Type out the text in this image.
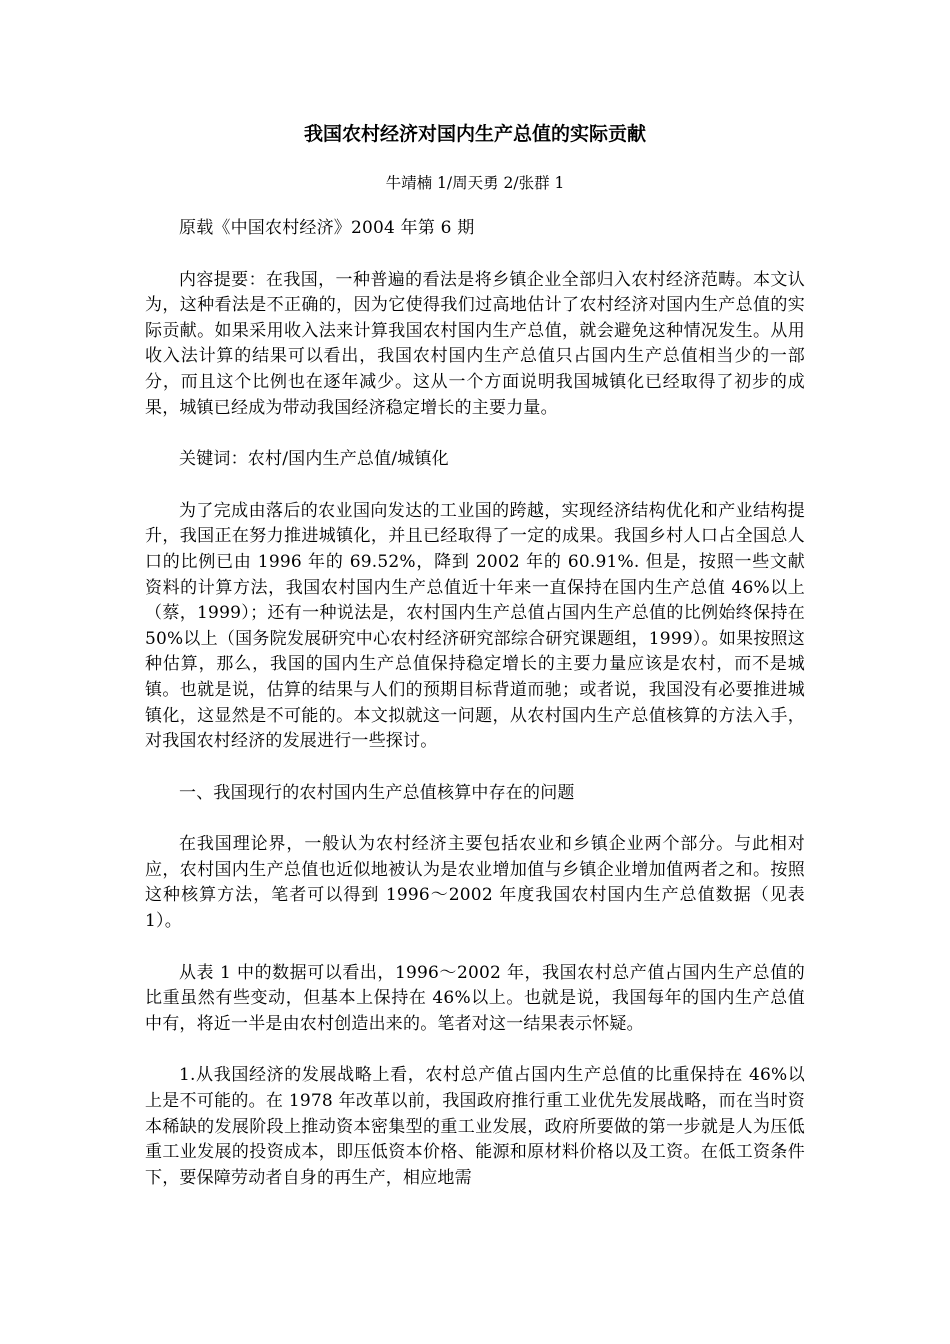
我国农村经济对国内生产总值的实际贡献
牛靖楠 1/周天勇 2/张群 1

原载《中国农村经济》2004 年第 6 期

内容提要：在我国，一种普遍的看法是将乡镇企业全部归入农村经济范畴。本文认为，这种看法是不正确的，因为它使得我们过高地估计了农村经济对国内生产总值的实际贡献。如果采用收入法来计算我国农村国内生产总值，就会避免这种情况发生。从用收入法计算的结果可以看出，我国农村国内生产总值只占国内生产总值相当少的一部分，而且这个比例也在逐年减少。这从一个方面说明我国城镇化已经取得了初步的成果，城镇已经成为带动我国经济稳定增长的主要力量。

关键词：农村/国内生产总值/城镇化

为了完成由落后的农业国向发达的工业国的跨越，实现经济结构优化和产业结构提升，我国正在努力推进城镇化，并且已经取得了一定的成果。我国乡村人口占全国总人口的比例已由 1996 年的 69.52%，降到 2002 年的 60.91%. 但是，按照一些文献资料的计算方法，我国农村国内生产总值近十年来一直保持在国内生产总值 46%以上（蔡，1999）；还有一种说法是，农村国内生产总值占国内生产总值的比例始终保持在 50%以上（国务院发展研究中心农村经济研究部综合研究课题组，1999）。如果按照这种估算，那么，我国的国内生产总值保持稳定增长的主要力量应该是农村，而不是城镇。也就是说，估算的结果与人们的预期目标背道而驰；或者说，我国没有必要推进城镇化，这显然是不可能的。本文拟就这一问题，从农村国内生产总值核算的方法入手，对我国农村经济的发展进行一些探讨。

一、我国现行的农村国内生产总值核算中存在的问题

在我国理论界，一般认为农村经济主要包括农业和乡镇企业两个部分。与此相对应，农村国内生产总值也近似地被认为是农业增加值与乡镇企业增加值两者之和。按照这种核算方法，笔者可以得到 1996～2002 年度我国农村国内生产总值数据（见表 1）。

从表 1 中的数据可以看出，1996～2002 年，我国农村总产值占国内生产总值的比重虽然有些变动，但基本上保持在 46%以上。也就是说，我国每年的国内生产总值中有，将近一半是由农村创造出来的。笔者对这一结果表示怀疑。

1.从我国经济的发展战略上看，农村总产值占国内生产总值的比重保持在 46%以上是不可能的。在 1978 年改革以前，我国政府推行重工业优先发展战略，而在当时资本稀缺的发展阶段上推动资本密集型的重工业发展，政府所要做的第一步就是人为压低重工业发展的投资成本，即压低资本价格、能源和原材料价格以及工资。在低工资条件下，要保障劳动者自身的再生产，相应地需
